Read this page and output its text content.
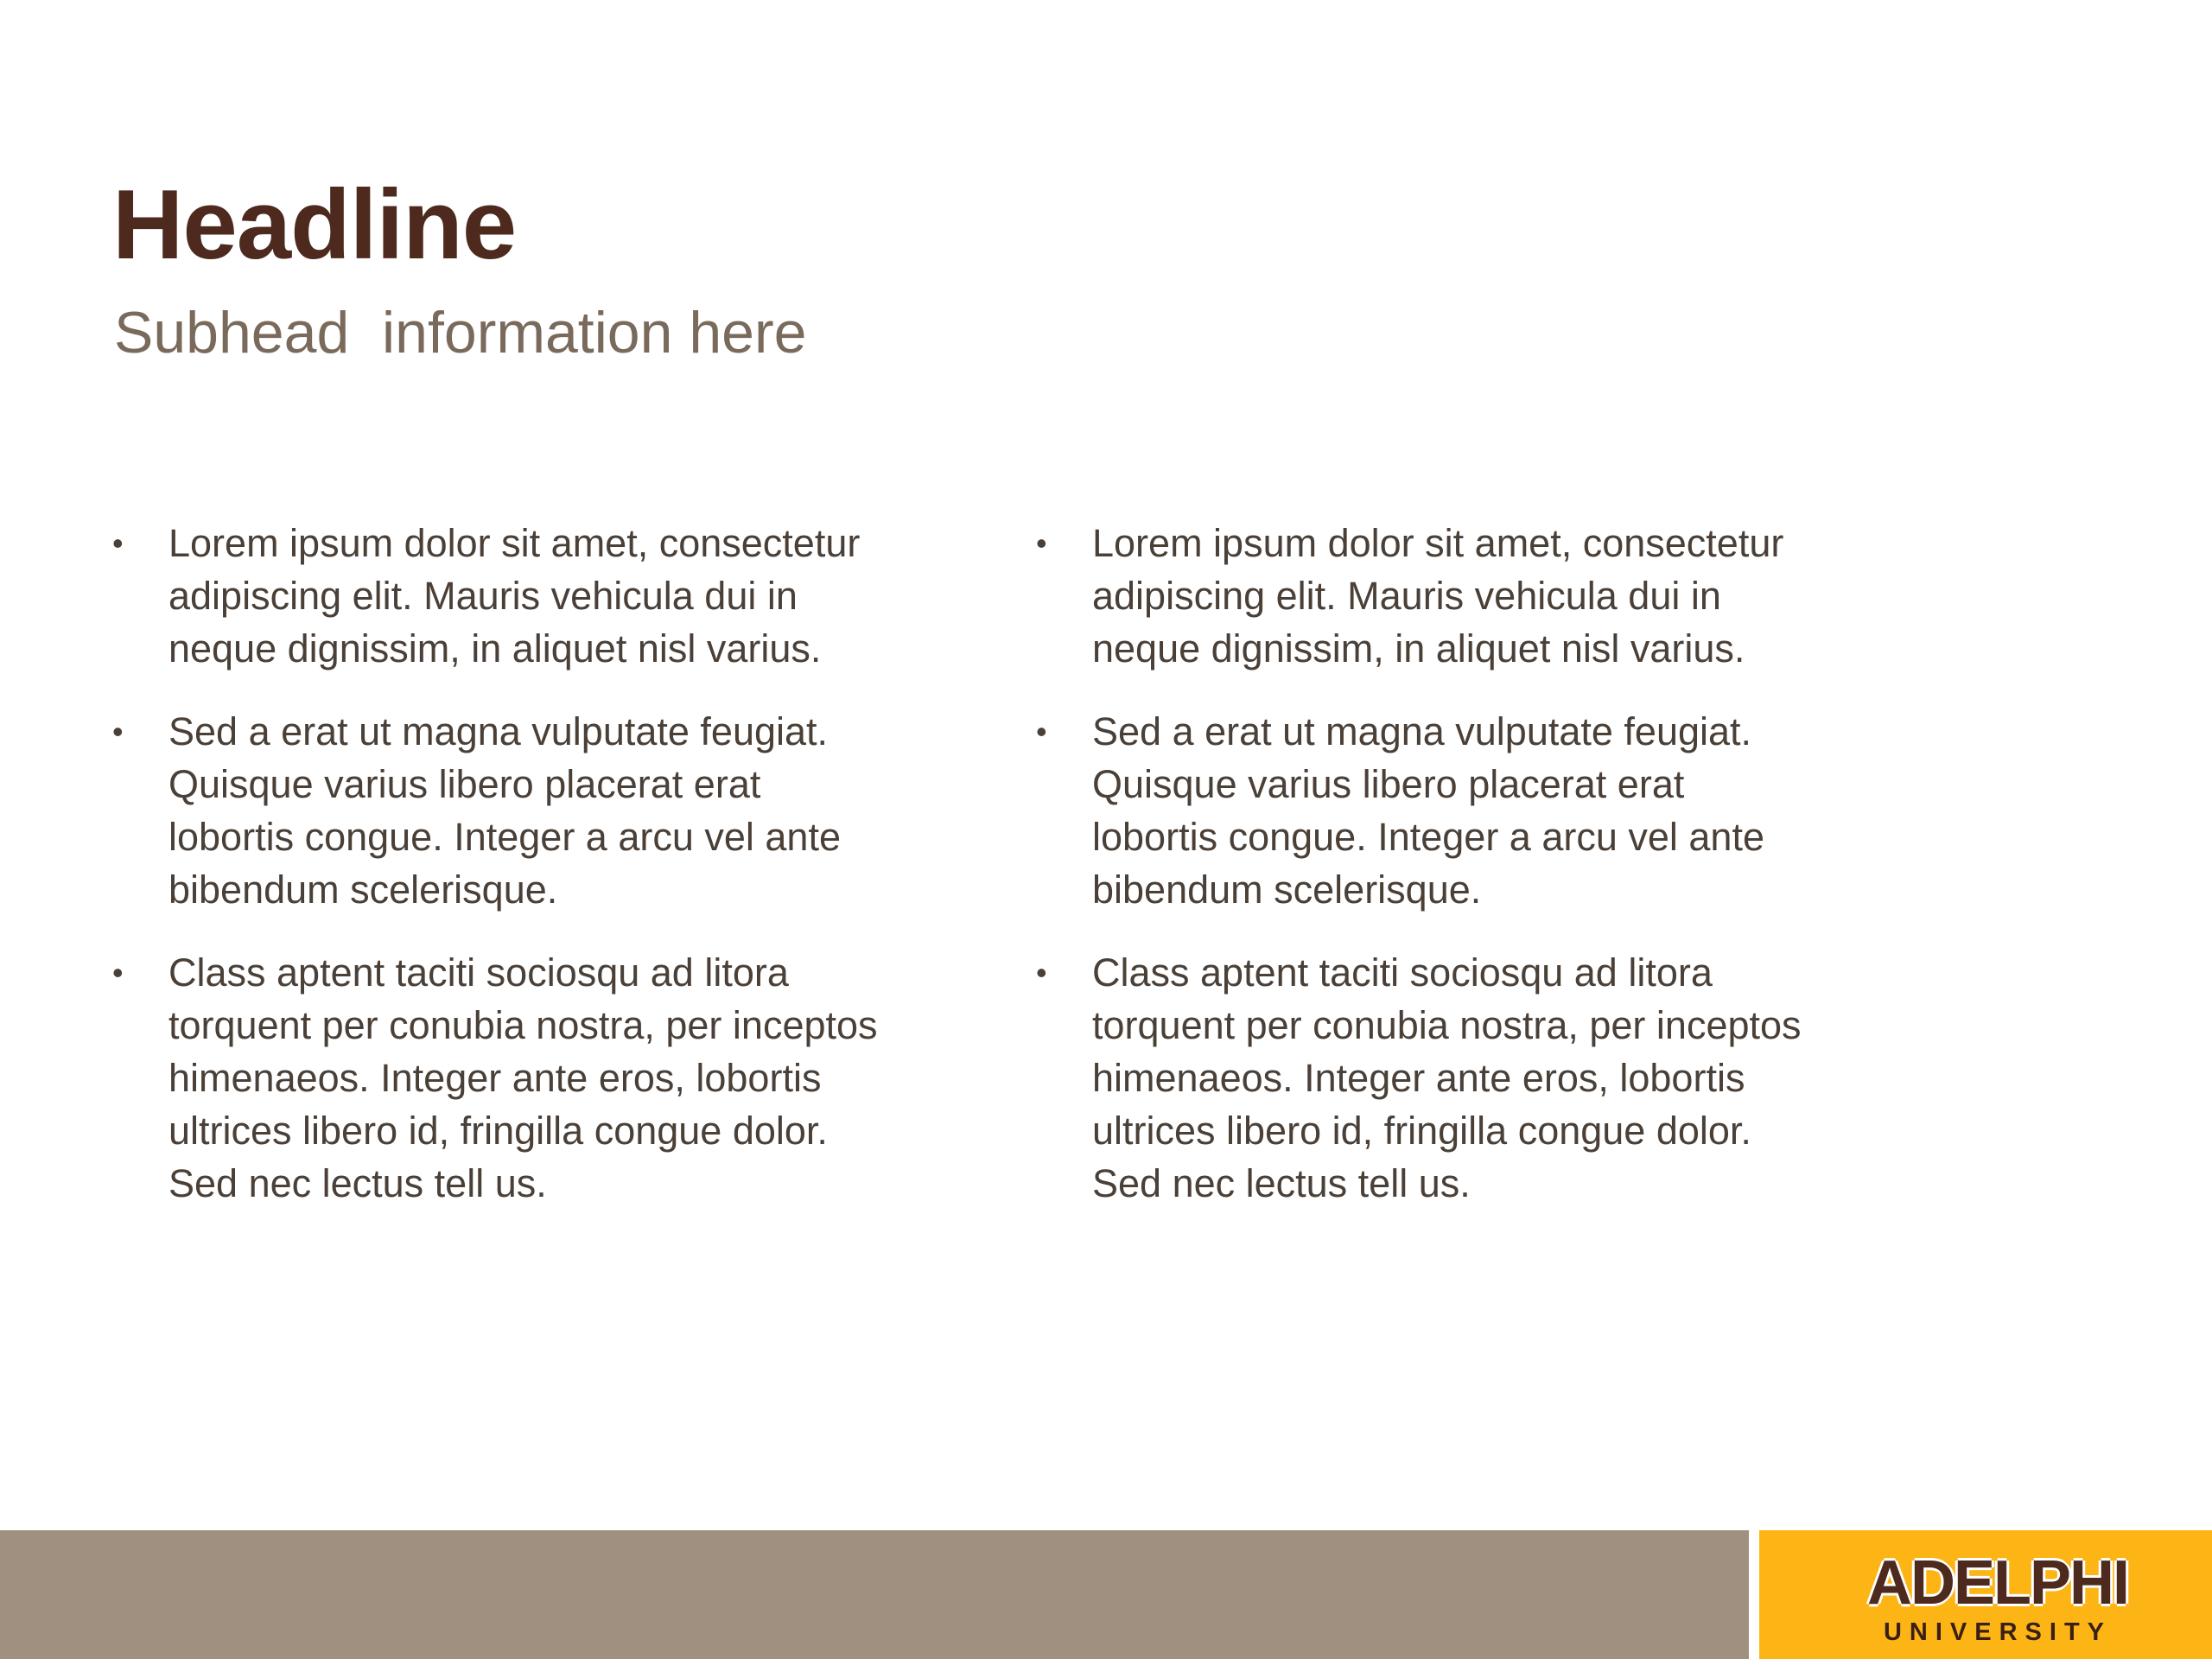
Headline
Subhead  information here
• Lorem ipsum dolor sit amet, consectetur adipiscing elit. Mauris vehicula dui in neque dignissim, in aliquet nisl varius.
• Sed a erat ut magna vulputate feugiat. Quisque varius libero placerat erat lobortis congue. Integer a arcu vel ante bibendum scelerisque.
• Class aptent taciti sociosqu ad litora torquent per conubia nostra, per inceptos himenaeos. Integer ante eros, lobortis ultrices libero id, fringilla congue dolor. Sed nec lectus tell us.
• Lorem ipsum dolor sit amet, consectetur adipiscing elit. Mauris vehicula dui in neque dignissim, in aliquet nisl varius.
• Sed a erat ut magna vulputate feugiat. Quisque varius libero placerat erat lobortis congue. Integer a arcu vel ante bibendum scelerisque.
• Class aptent taciti sociosqu ad litora torquent per conubia nostra, per inceptos himenaeos. Integer ante eros, lobortis ultrices libero id, fringilla congue dolor. Sed nec lectus tell us.
ADELPHI
UNIVERSITY
